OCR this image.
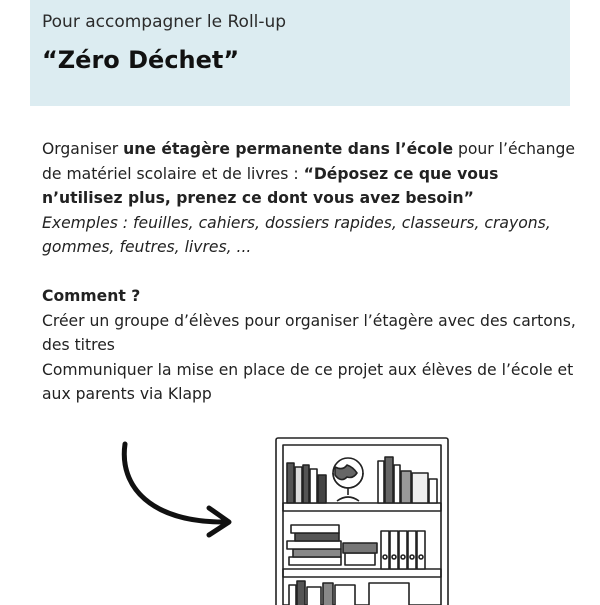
Pour accompagner le Roll-up
“Zéro Déchet”

Organiser une étagère permanente dans l’école pour l’échange de matériel scolaire et de livres : “Déposez ce que vous n’utilisez plus, prenez ce dont vous avez besoin”

Exemples : feuilles, cahiers, dossiers rapides, classeurs, crayons, gommes, feutres, livres, ...

Comment ?

Créer un groupe d’élèves pour organiser l’étagère avec des cartons, des titres

Communiquer la mise en place de ce projet aux élèves de l’école et aux parents via Klapp
